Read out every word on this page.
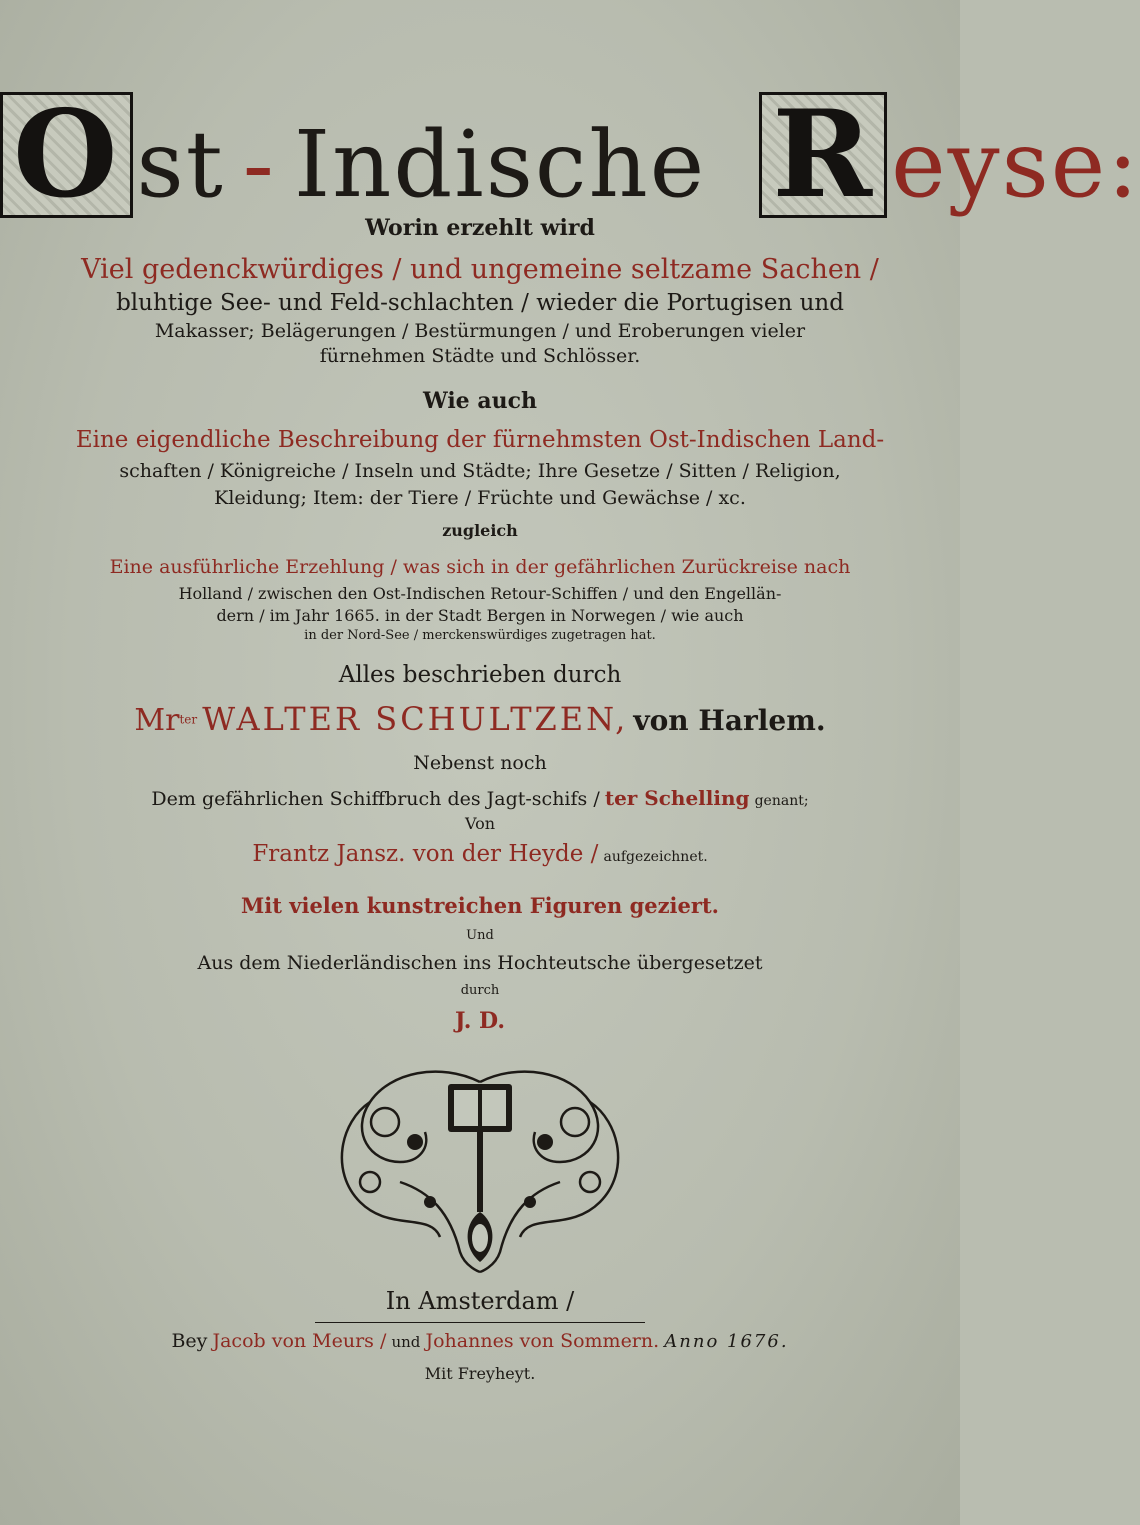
O st - Indische R eyse:
Worin erzehlt wird
Viel gedenckwürdiges / und ungemeine seltzame Sachen /
bluhtige See- und Feld-schlachten / wieder die Portugisen und
Makasser; Belägerungen / Bestürmungen / und Eroberungen vieler
fürnehmen Städte und Schlösser.
Wie auch
Eine eigendliche Beschreibung der fürnehmsten Ost-Indischen Land-
schaften / Königreiche / Inseln und Städte; Ihre Gesetze / Sitten / Religion,
Kleidung; Item: der Tiere / Früchte und Gewächse / xc.
zugleich
Eine ausführliche Erzehlung / was sich in der gefährlichen Zurückreise nach
Holland / zwischen den Ost-Indischen Retour-Schiffen / und den Engellän-
dern / im Jahr 1665. in der Stadt Bergen in Norwegen / wie auch
in der Nord-See / merckenswürdiges zugetragen hat.
Alles beschrieben durch
$Mr^{ter}$ WALTER SCHULTZEN, von Harlem.
Nebenst noch
Dem gefährlichen Schiffbruch des Jagt-schifs / ter Schelling genant;
Von
Frantz Jansz. von der Heyde / aufgezeichnet.
Mit vielen kunstreichen Figuren geziert.
Und
Aus dem Niederländischen ins Hochteutsche übergesetzet
durch
J. D.
In Amsterdam /
Bey Jacob von Meurs / und Johannes von Sommern. Anno 1676.
Mit Freyheyt.
